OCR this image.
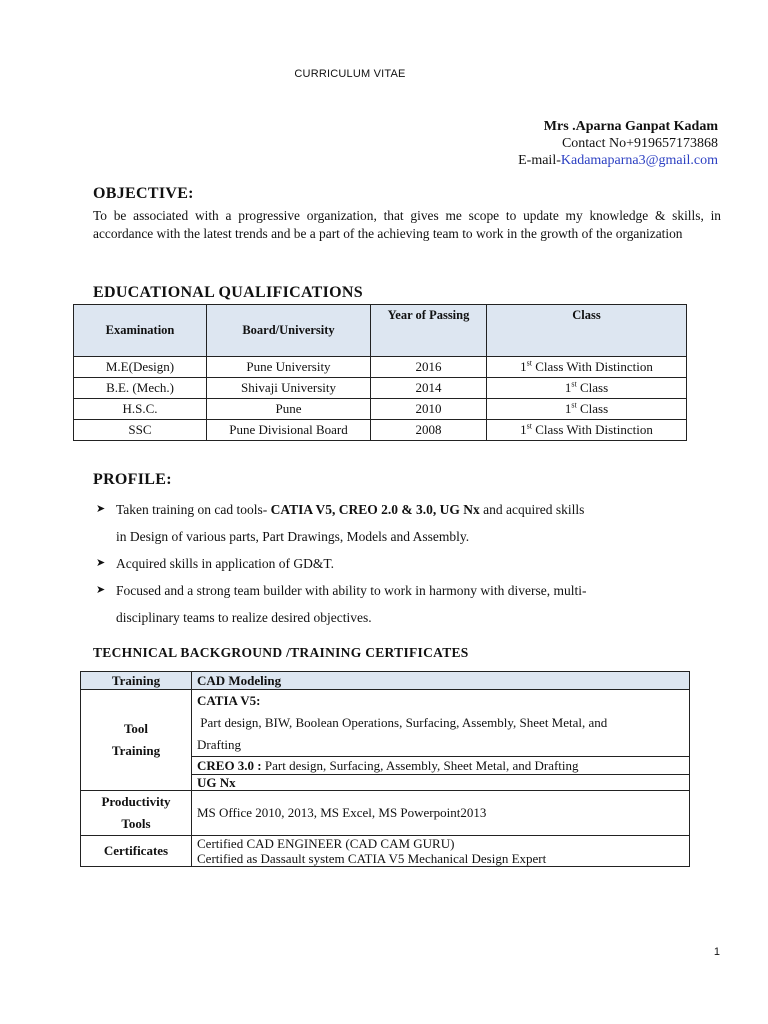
CURRICULUM VITAE
Mrs .Aparna Ganpat Kadam
Contact No+919657173868
E-mail-Kadamaparna3@gmail.com
OBJECTIVE:
To be associated with a progressive organization, that gives me scope to update my knowledge & skills, in accordance with the latest trends and be a part of the achieving team to work in the growth of the organization
EDUCATIONAL QUALIFICATIONS
Examination	Board/University	Year of Passing	Class
M.E(Design)	Pune University	2016	1st Class With Distinction
B.E. (Mech.)	Shivaji University	2014	1st Class
H.S.C.	Pune	2010	1st Class
SSC	Pune Divisional Board	2008	1st Class With Distinction
PROFILE:
➤ Taken training on cad tools- CATIA V5, CREO 2.0 & 3.0, UG Nx and acquired skills
in Design of various parts, Part Drawings, Models and Assembly.
➤ Acquired skills in application of GD&T.
➤ Focused and a strong team builder with ability to work in harmony with diverse, multi-
disciplinary teams to realize desired objectives.
TECHNICAL BACKGROUND /TRAINING CERTIFICATES
Training	CAD Modeling
Tool
Training	CATIA V5:
Part design, BIW, Boolean Operations, Surfacing, Assembly, Sheet Metal, and
Drafting
	CREO 3.0 : Part design, Surfacing, Assembly, Sheet Metal, and Drafting
	UG Nx
Productivity
Tools	MS Office 2010, 2013, MS Excel, MS Powerpoint2013
Certificates	Certified CAD ENGINEER (CAD CAM GURU)
Certified as Dassault system CATIA V5 Mechanical Design Expert
1
